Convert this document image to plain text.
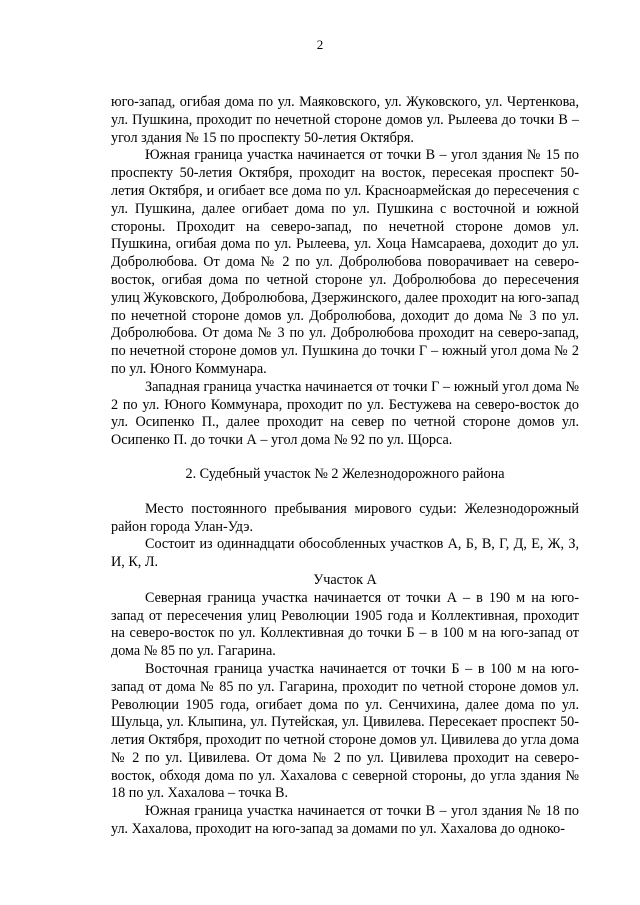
2

юго-запад, огибая дома по ул. Маяковского, ул. Жуковского, ул. Чертенкова, ул. Пушкина, проходит по нечетной стороне домов ул. Рылеева до точки В – угол здания № 15 по проспекту 50-летия Октября.

Южная граница участка начинается от точки В – угол здания № 15 по проспекту 50-летия Октября, проходит на восток, пересекая проспект 50-летия Октября, и огибает все дома по ул. Красноармейская до пересечения с ул. Пушкина, далее огибает дома по ул. Пушкина с восточной и южной стороны. Проходит на северо-запад, по нечетной стороне домов ул. Пушкина, огибая дома по ул. Рылеева, ул. Хоца Намсараева, доходит до ул. Добролюбова. От дома № 2 по ул. Добролюбова поворачивает на северо-восток, огибая дома по четной стороне ул. Добролюбова до пересечения улиц Жуковского, Добролюбова, Дзержинского, далее проходит на юго-запад по нечетной стороне домов ул. Добролюбова, доходит до дома № 3 по ул. Добролюбова. От дома № 3 по ул. Добролюбова проходит на северо-запад, по нечетной стороне домов ул. Пушкина до точки Г – южный угол дома № 2 по ул. Юного Коммунара.

Западная граница участка начинается от точки Г – южный угол дома № 2 по ул. Юного Коммунара, проходит по ул. Бестужева на северо-восток до ул. Осипенко П., далее проходит на север по четной стороне домов ул. Осипенко П. до точки А – угол дома № 92 по ул. Щорса.

2. Судебный участок № 2 Железнодорожного района

Место постоянного пребывания мирового судьи: Железнодорожный район города Улан-Удэ.

Состоит из одиннадцати обособленных участков А, Б, В, Г, Д, Е, Ж, З, И, К, Л.

Участок А

Северная граница участка начинается от точки А – в 190 м на юго-запад от пересечения улиц Революции 1905 года и Коллективная, проходит на северо-восток по ул. Коллективная до точки Б – в 100 м на юго-запад от дома № 85 по ул. Гагарина.

Восточная граница участка начинается от точки Б – в 100 м на юго-запад от дома № 85 по ул. Гагарина, проходит по четной стороне домов ул. Революции 1905 года, огибает дома по ул. Сенчихина, далее дома по ул. Шульца, ул. Клыпина, ул. Путейская, ул. Цивилева. Пересекает проспект 50-летия Октября, проходит по четной стороне домов ул. Цивилева до угла дома № 2 по ул. Цивилева. От дома № 2 по ул. Цивилева проходит на северо-восток, обходя дома по ул. Хахалова с северной стороны, до угла здания № 18 по ул. Хахалова – точка В.

Южная граница участка начинается от точки В – угол здания № 18 по ул. Хахалова, проходит на юго-запад за домами по ул. Хахалова до одноко-
